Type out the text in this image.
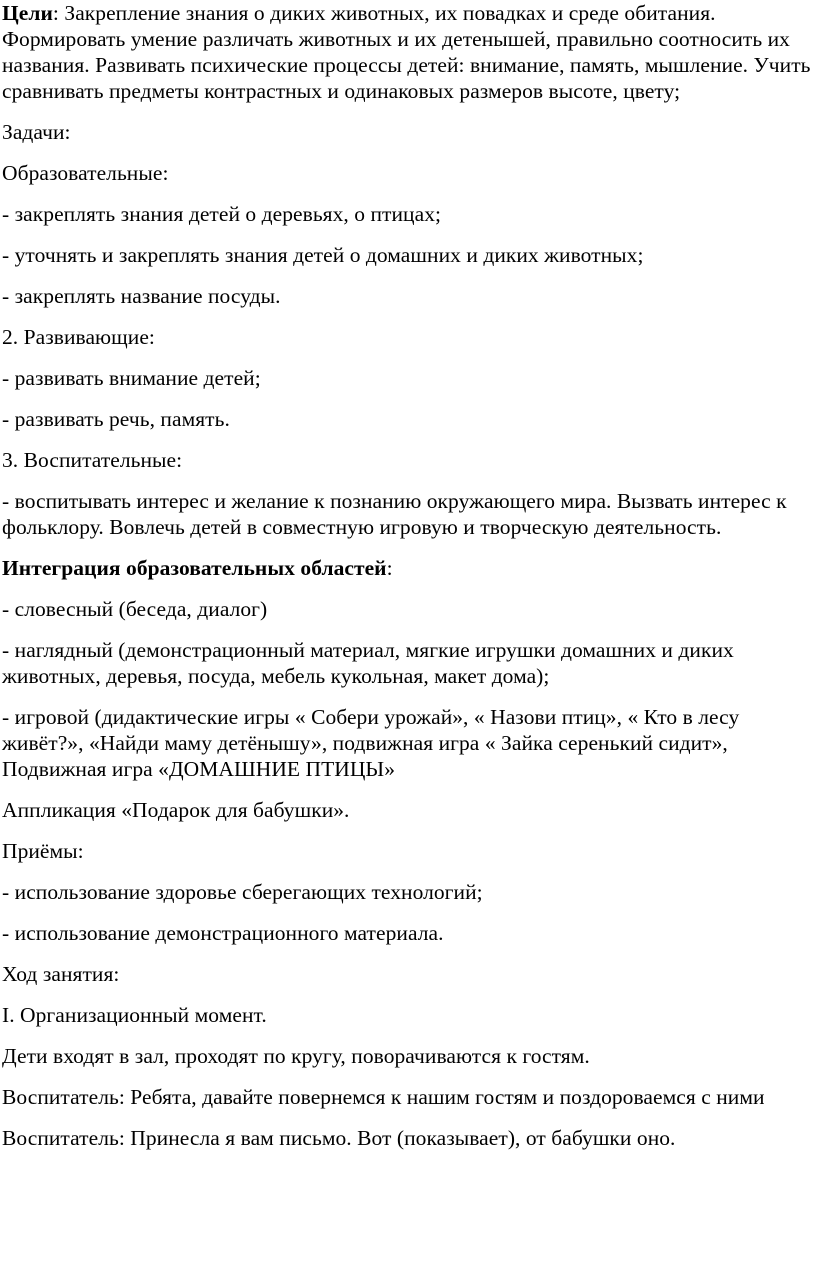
Цели: Закрепление знания о диких животных, их повадках и среде обитания. Формировать умение различать животных и их детенышей, правильно соотносить их названия. Развивать психические процессы детей: внимание, память, мышление. Учить сравнивать предметы контрастных и одинаковых размеров высоте, цвету;

Задачи:

Образовательные:

- закреплять знания детей о деревьях, о птицах;

- уточнять и закреплять знания детей о домашних и диких животных;

- закреплять название посуды.

2. Развивающие:

- развивать внимание детей;

- развивать речь, память.

3. Воспитательные:

- воспитывать интерес и желание к познанию окружающего мира. Вызвать интерес к фольклору. Вовлечь детей в совместную игровую и творческую деятельность.

Интеграция образовательных областей:

- словесный (беседа, диалог)

- наглядный (демонстрационный материал, мягкие игрушки домашних и диких животных, деревья, посуда, мебель кукольная, макет дома);

- игровой (дидактические игры « Собери урожай», « Назови птиц», « Кто в лесу живёт?», «Найди маму детёнышу», подвижная игра « Зайка серенький сидит», Подвижная игра «ДОМАШНИЕ ПТИЦЫ»

Аппликация «Подарок для бабушки».

Приёмы:

- использование здоровье сберегающих технологий;

- использование демонстрационного материала.

Ход занятия:

I. Организационный момент.

Дети входят в зал, проходят по кругу, поворачиваются к гостям.

Воспитатель: Ребята, давайте повернемся к нашим гостям и поздороваемся с ними

Воспитатель: Принесла я вам письмо. Вот (показывает), от бабушки оно.
